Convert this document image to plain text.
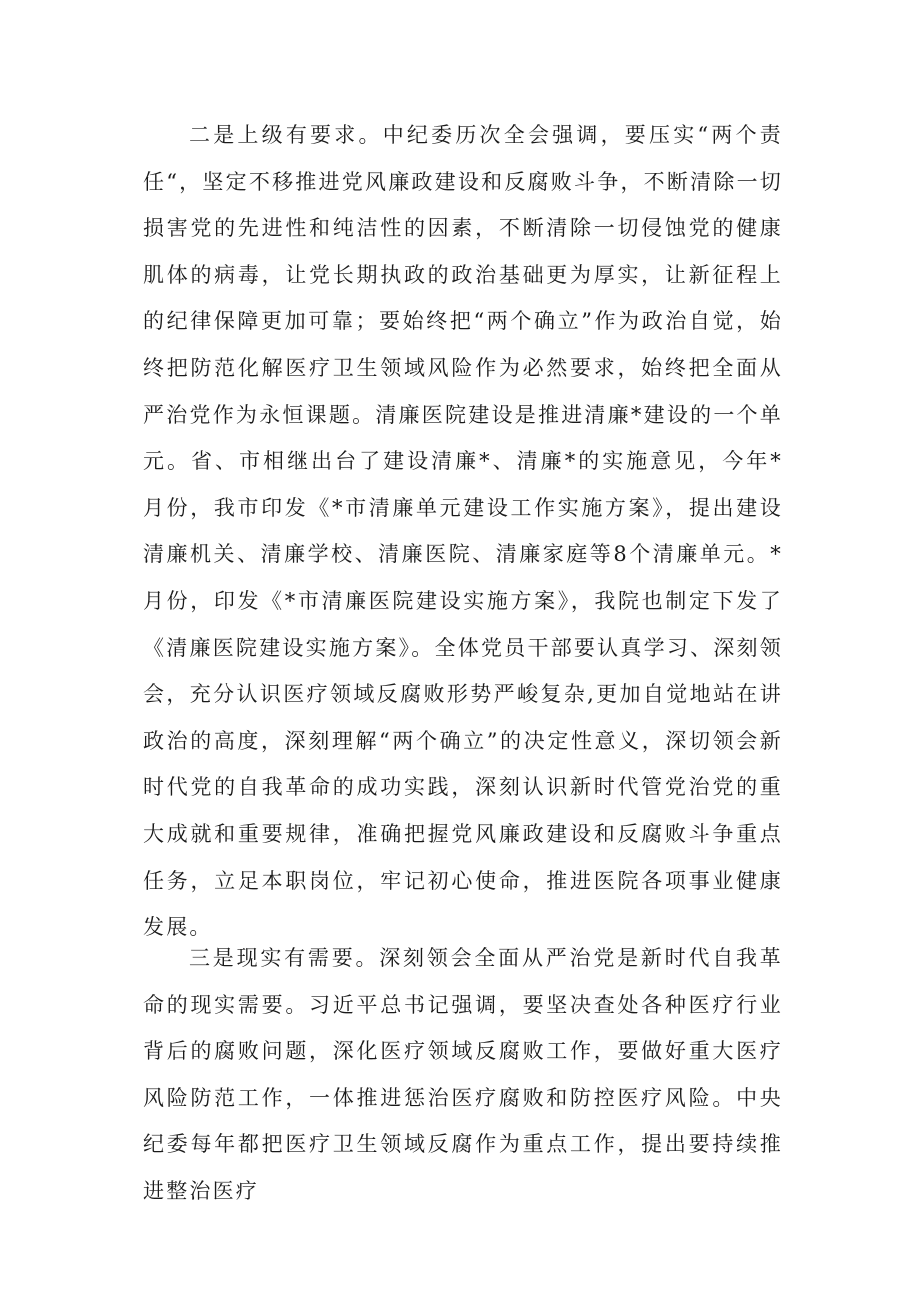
二是上级有要求。中纪委历次全会强调，要压实“两个责任“，坚定不移推进党风廉政建设和反腐败斗争，不断清除一切损害党的先进性和纯洁性的因素，不断清除一切侵蚀党的健康肌体的病毒，让党长期执政的政治基础更为厚实，让新征程上的纪律保障更加可靠；要始终把“两个确立”作为政治自觉，始终把防范化解医疗卫生领域风险作为必然要求，始终把全面从严治党作为永恒课题。清廉医院建设是推进清廉*建设的一个单元。省、市相继出台了建设清廉*、清廉*的实施意见，今年*月份，我市印发《*市清廉单元建设工作实施方案》，提出建设清廉机关、清廉学校、清廉医院、清廉家庭等8个清廉单元。*月份，印发《*市清廉医院建设实施方案》，我院也制定下发了《清廉医院建设实施方案》。全体党员干部要认真学习、深刻领会，充分认识医疗领域反腐败形势严峻复杂,更加自觉地站在讲政治的高度，深刻理解“两个确立”的决定性意义，深切领会新时代党的自我革命的成功实践，深刻认识新时代管党治党的重大成就和重要规律，准确把握党风廉政建设和反腐败斗争重点任务，立足本职岗位，牢记初心使命，推进医院各项事业健康发展。

三是现实有需要。深刻领会全面从严治党是新时代自我革命的现实需要。习近平总书记强调，要坚决查处各种医疗行业背后的腐败问题，深化医疗领域反腐败工作，要做好重大医疗风险防范工作，一体推进惩治医疗腐败和防控医疗风险。中央纪委每年都把医疗卫生领域反腐作为重点工作，提出要持续推进整治医疗
